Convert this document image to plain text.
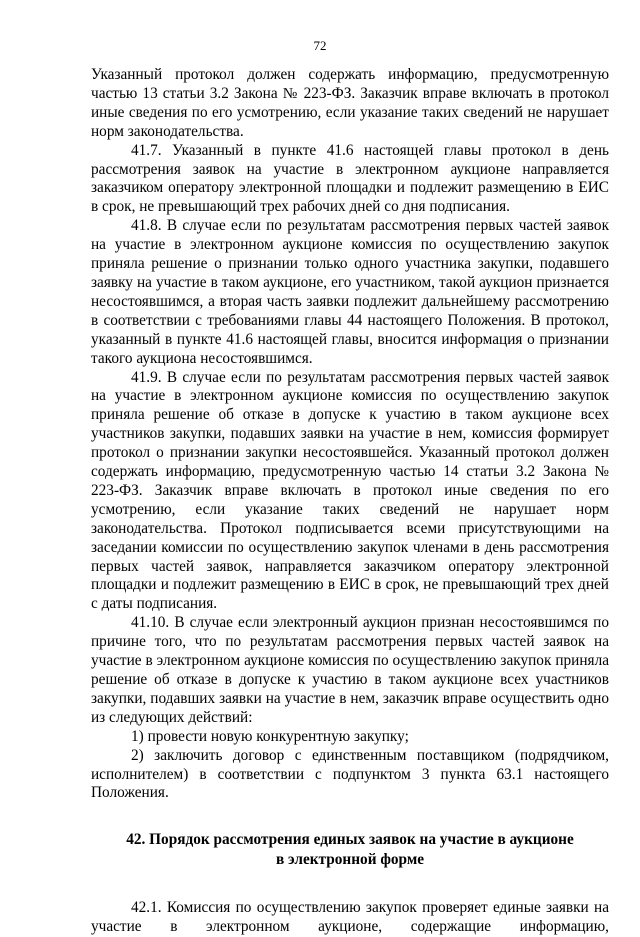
72

Указанный протокол должен содержать информацию, предусмотренную частью 13 статьи 3.2 Закона № 223-ФЗ. Заказчик вправе включать в протокол иные сведения по его усмотрению, если указание таких сведений не нарушает норм законодательства.

41.7. Указанный в пункте 41.6 настоящей главы протокол в день рассмотрения заявок на участие в электронном аукционе направляется заказчиком оператору электронной площадки и подлежит размещению в ЕИС в срок, не превышающий трех рабочих дней со дня подписания.

41.8. В случае если по результатам рассмотрения первых частей заявок на участие в электронном аукционе комиссия по осуществлению закупок приняла решение о признании только одного участника закупки, подавшего заявку на участие в таком аукционе, его участником, такой аукцион признается несостоявшимся, а вторая часть заявки подлежит дальнейшему рассмотрению в соответствии с требованиями главы 44 настоящего Положения. В протокол, указанный в пункте 41.6 настоящей главы, вносится информация о признании такого аукциона несостоявшимся.

41.9. В случае если по результатам рассмотрения первых частей заявок на участие в электронном аукционе комиссия по осуществлению закупок приняла решение об отказе в допуске к участию в таком аукционе всех участников закупки, подавших заявки на участие в нем, комиссия формирует протокол о признании закупки несостоявшейся. Указанный протокол должен содержать информацию, предусмотренную частью 14 статьи 3.2 Закона № 223-ФЗ. Заказчик вправе включать в протокол иные сведения по его усмотрению, если указание таких сведений не нарушает норм законодательства. Протокол подписывается всеми присутствующими на заседании комиссии по осуществлению закупок членами в день рассмотрения первых частей заявок, направляется заказчиком оператору электронной площадки и подлежит размещению в ЕИС в срок, не превышающий трех дней с даты подписания.

41.10. В случае если электронный аукцион признан несостоявшимся по причине того, что по результатам рассмотрения первых частей заявок на участие в электронном аукционе комиссия по осуществлению закупок приняла решение об отказе в допуске к участию в таком аукционе всех участников закупки, подавших заявки на участие в нем, заказчик вправе осуществить одно из следующих действий:

1) провести новую конкурентную закупку;

2) заключить договор с единственным поставщиком (подрядчиком, исполнителем) в соответствии с подпунктом 3 пункта 63.1 настоящего Положения.

42. Порядок рассмотрения единых заявок на участие в аукционе
в электронной форме

42.1. Комиссия по осуществлению закупок проверяет единые заявки на участие в электронном аукционе, содержащие информацию,
